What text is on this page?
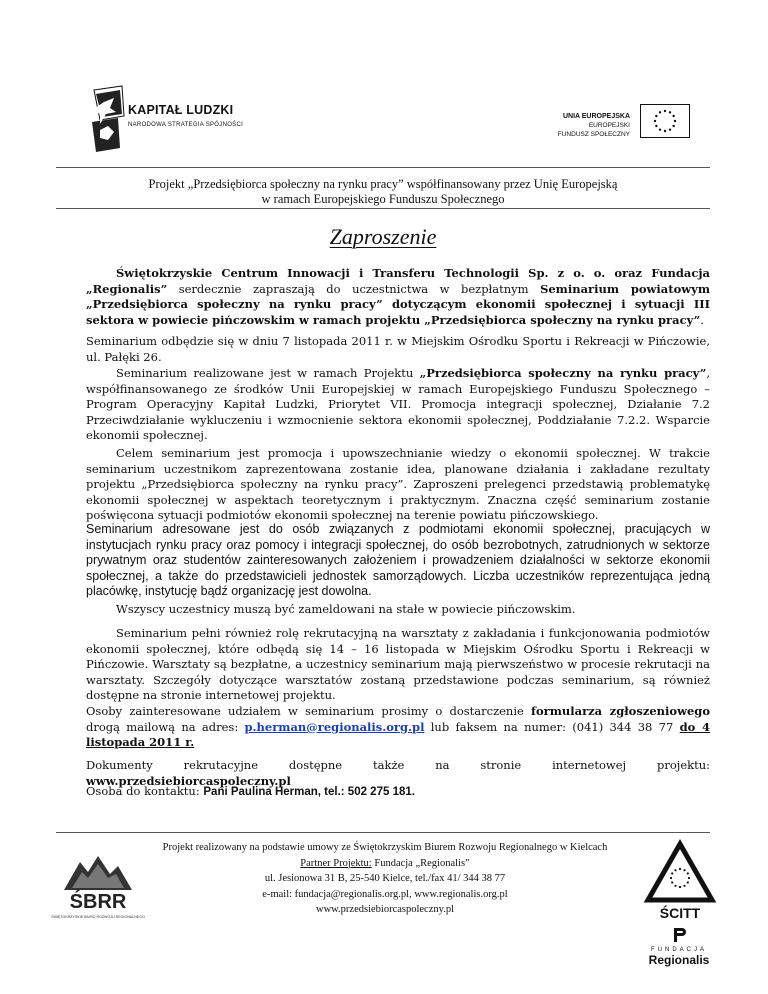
KAPITAŁ LUDZKI
NARODOWA STRATEGIA SPÓJNOŚCI
UNIA EUROPEJSKA
EUROPEJSKI
FUNDUSZ SPOŁECZNY
Projekt „Przedsiębiorca społeczny na rynku pracy” współfinansowany przez Unię Europejską
w ramach Europejskiego Funduszu Społecznego
Zaproszenie
Świętokrzyskie Centrum Innowacji i Transferu Technologii Sp. z o. o. oraz Fundacja „Regionalis” serdecznie zapraszają do uczestnictwa w bezpłatnym Seminarium powiatowym „Przedsiębiorca społeczny na rynku pracy” dotyczącym ekonomii społecznej i sytuacji III sektora w powiecie pińczowskim w ramach projektu „Przedsiębiorca społeczny na rynku pracy”.
Seminarium odbędzie się w dniu 7 listopada 2011 r. w Miejskim Ośrodku Sportu i Rekreacji w Pińczowie, ul. Pałęki 26.
Seminarium realizowane jest w ramach Projektu „Przedsiębiorca społeczny na rynku pracy”, współfinansowanego ze środków Unii Europejskiej w ramach Europejskiego Funduszu Społecznego – Program Operacyjny Kapitał Ludzki, Priorytet VII. Promocja integracji społecznej, Działanie 7.2 Przeciwdziałanie wykluczeniu i wzmocnienie sektora ekonomii społecznej, Poddziałanie 7.2.2. Wsparcie ekonomii społecznej.
Celem seminarium jest promocja i upowszechnianie wiedzy o ekonomii społecznej. W trakcie seminarium uczestnikom zaprezentowana zostanie idea, planowane działania i zakładane rezultaty projektu „Przedsiębiorca społeczny na rynku pracy”. Zaproszeni prelegenci przedstawią problematykę ekonomii społecznej w aspektach teoretycznym i praktycznym. Znaczna część seminarium zostanie poświęcona sytuacji podmiotów ekonomii społecznej na terenie powiatu pińczowskiego.
Seminarium adresowane jest do osób związanych z podmiotami ekonomii społecznej, pracujących w instytucjach rynku pracy oraz pomocy i integracji społecznej, do osób bezrobotnych, zatrudnionych w sektorze prywatnym oraz studentów zainteresowanych założeniem i prowadzeniem działalności w sektorze ekonomii społecznej, a także do przedstawicieli jednostek samorządowych. Liczba uczestników reprezentująca jedną placówkę, instytucję bądź organizację jest dowolna.
Wszyscy uczestnicy muszą być zameldowani na stałe w powiecie pińczowskim.
Seminarium pełni również rolę rekrutacyjną na warsztaty z zakładania i funkcjonowania podmiotów ekonomii społecznej, które odbędą się 14 – 16 listopada w Miejskim Ośrodku Sportu i Rekreacji w Pińczowie. Warsztaty są bezpłatne, a uczestnicy seminarium mają pierwszeństwo w procesie rekrutacji na warsztaty. Szczegóły dotyczące warsztatów zostaną przedstawione podczas seminarium, są również dostępne na stronie internetowej projektu.
Osoby zainteresowane udziałem w seminarium prosimy o dostarczenie formularza zgłoszeniowego drogą mailową na adres: p.herman@regionalis.org.pl lub faksem na numer: (041) 344 38 77 do 4 listopada 2011 r.
Dokumenty rekrutacyjne dostępne także na stronie internetowej projektu: www.przedsiebiorcaspoleczny.pl
Osoba do kontaktu: Pani Paulina Herman, tel.: 502 275 181.
Projekt realizowany na podstawie umowy ze Świętokrzyskim Biurem Rozwoju Regionalnego w Kielcach
Partner Projektu: Fundacja „Regionalis”
ul. Jesionowa 31 B, 25-540 Kielce, tel./fax 41/ 344 38 77
e-mail: fundacja@regionalis.org.pl, www.regionalis.org.pl
www.przedsiebiorcaspoleczny.pl
ŚBRR
ŚWIĘTOKRZYSKIE BIURO ROZWOJU REGIONALNEGO	ŚCITT
FUNDACJA
Regionalis
